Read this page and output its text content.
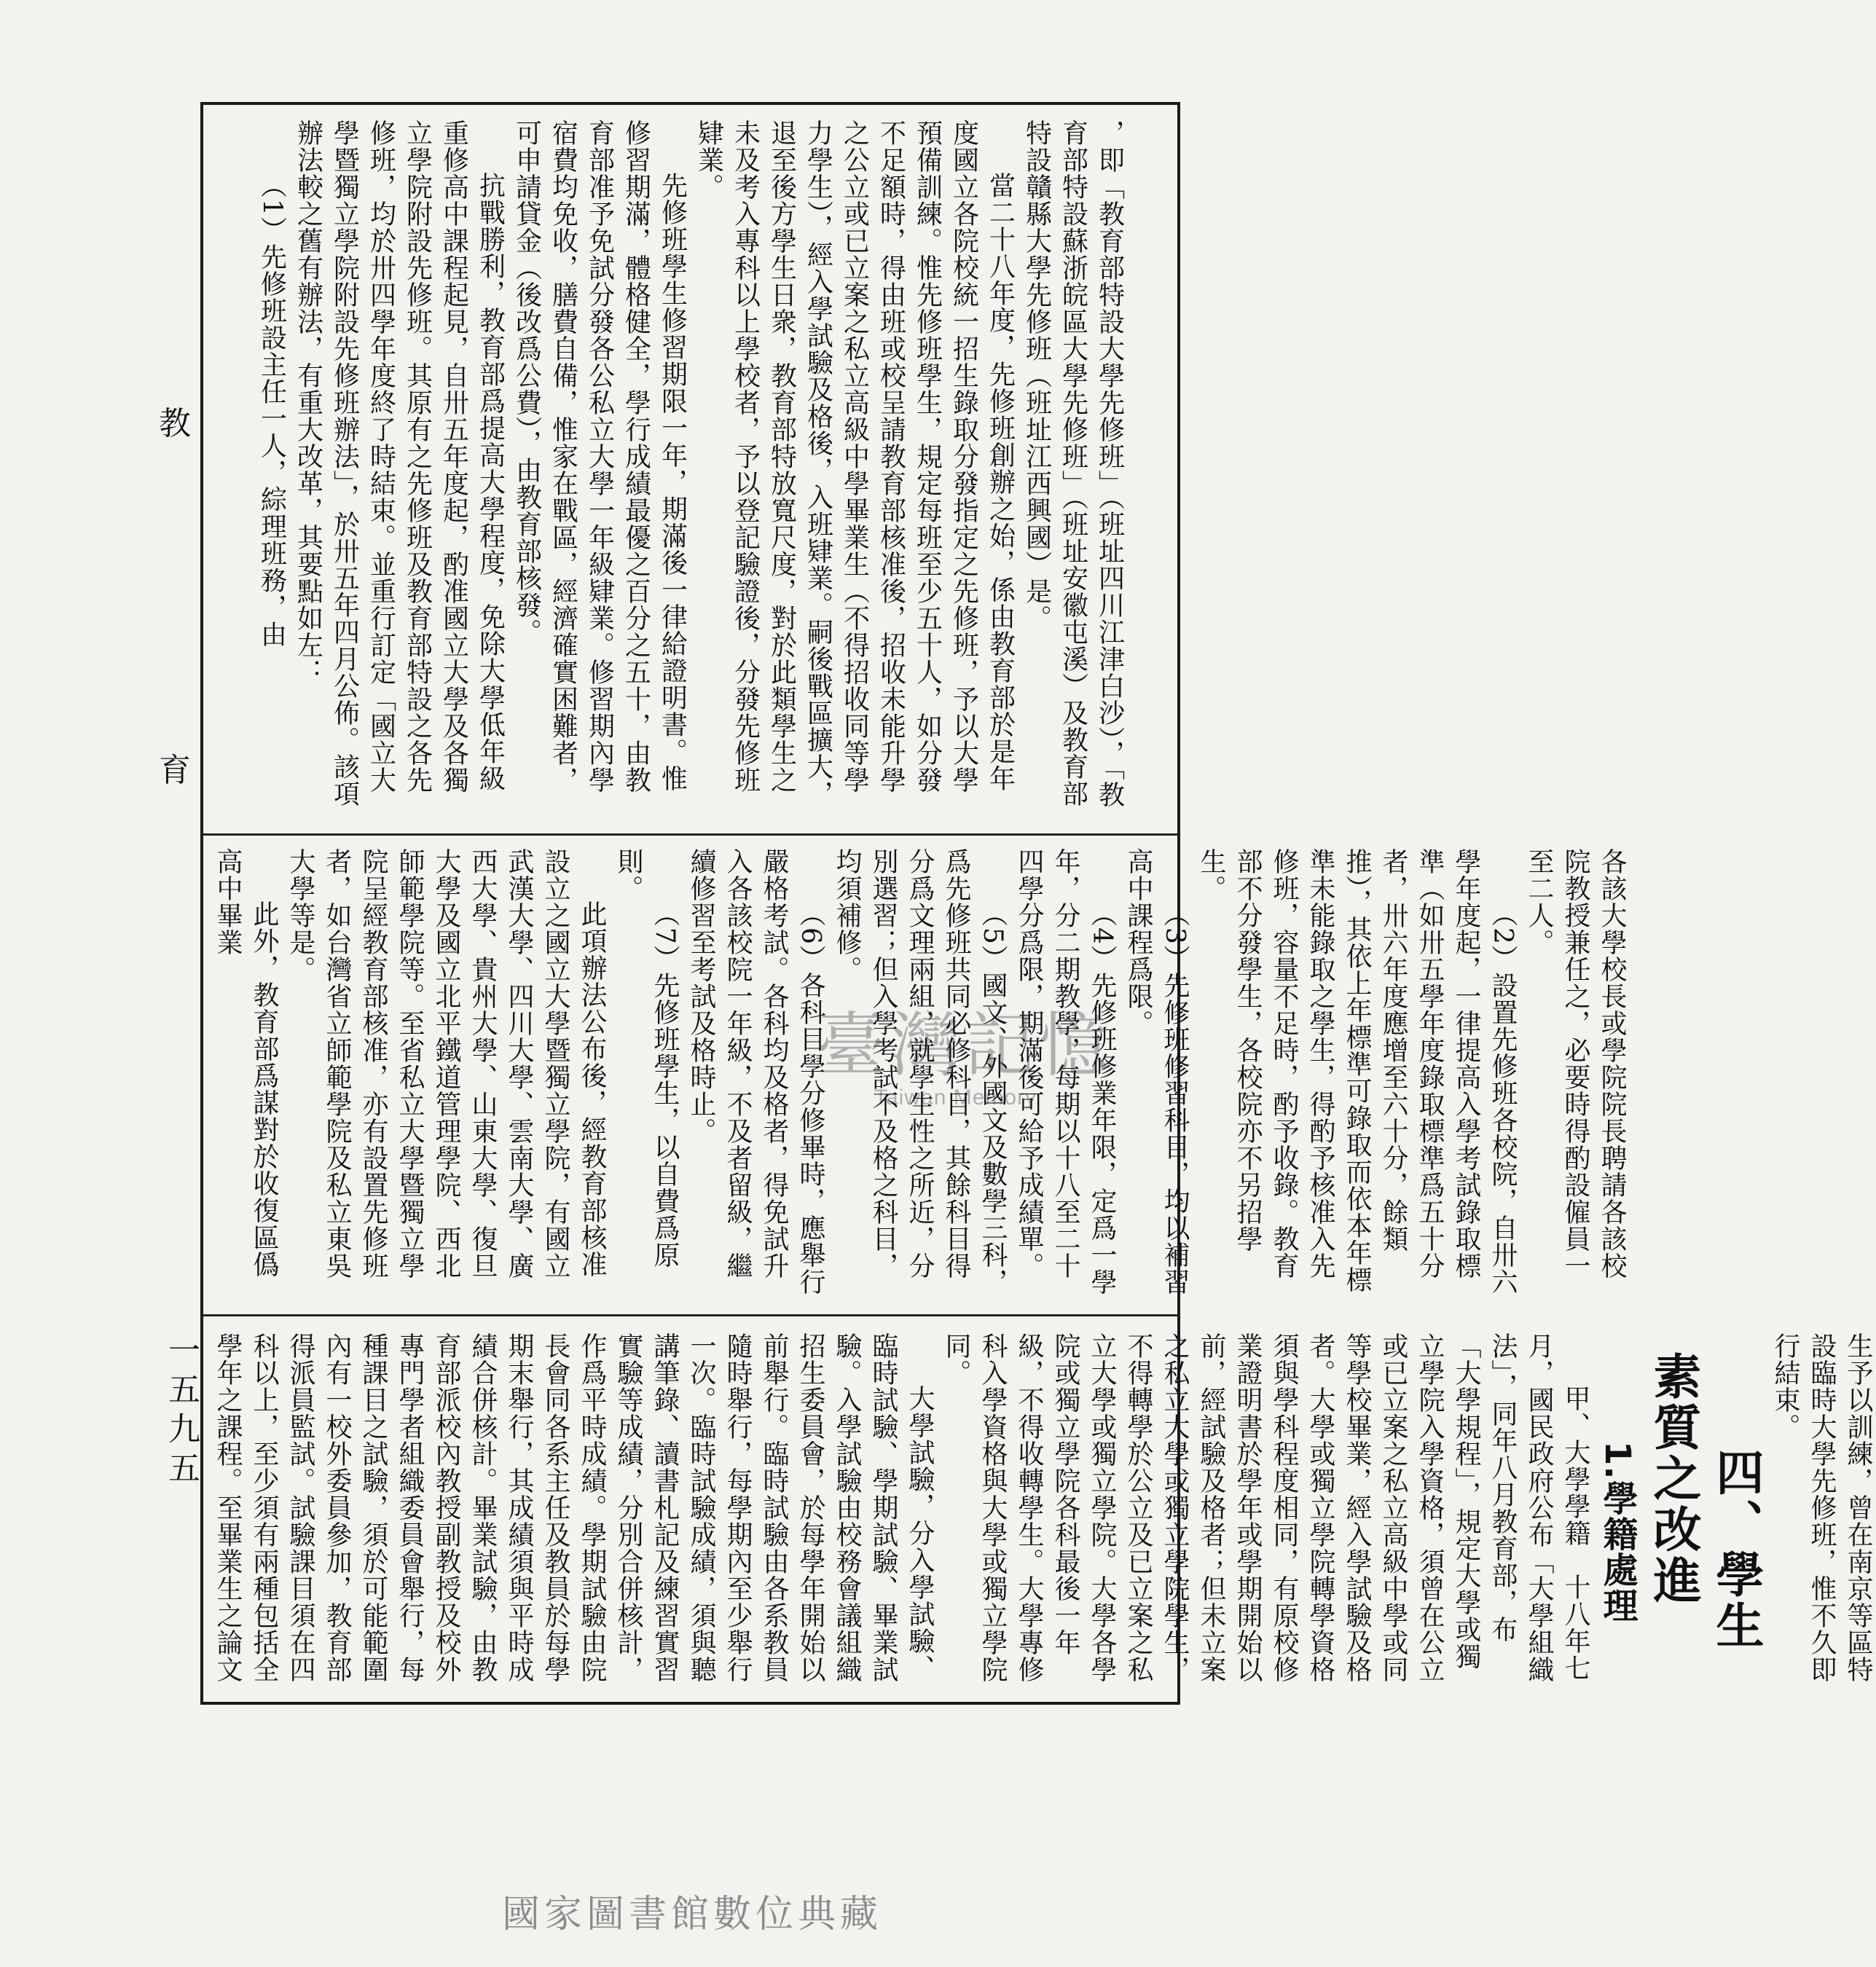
教
育
一五九五

，即「教育部特設大學先修班」（班址四川江津白沙），「教育部特設蘇浙皖區大學先修班」（班址安徽屯溪）及教育部特設贛縣大學先修班（班址江西興國）是。

當二十八年度，先修班創辦之始，係由教育部於是年度國立各院校統一招生錄取分發指定之先修班，予以大學預備訓練。惟先修班學生，規定每班至少五十人，如分發不足額時，得由班或校呈請教育部核准後，招收未能升學之公立或已立案之私立高級中學畢業生（不得招收同等學力學生），經入學試驗及格後，入班肄業。嗣後戰區擴大，退至後方學生日衆，教育部特放寬尺度，對於此類學生之未及考入專科以上學校者，予以登記驗證後，分發先修班肄業。

先修班學生修習期限一年，期滿後一律給證明書。惟修習期滿，體格健全，學行成績最優之百分之五十，由教育部准予免試分發各公私立大學一年級肄業。修習期內學宿費均免收，膳費自備，惟家在戰區，經濟確實困難者，可申請貸金（後改爲公費），由教育部核發。

抗戰勝利，教育部爲提高大學程度，免除大學低年級重修高中課程起見，自卅五年度起，酌准國立大學及各獨立學院附設先修班。其原有之先修班及教育部特設之各先修班，均於卅四學年度終了時結束。並重行訂定「國立大學暨獨立學院附設先修班辦法」，於卅五年四月公佈。該項辦法較之舊有辦法，有重大改革，其要點如左：

（1）先修班設主任一人，綜理班務，由

各該大學校長或學院院長聘請各該校院教授兼任之，必要時得酌設僱員一至二人。

（2）設置先修班各校院，自卅六學年度起，一律提高入學考試錄取標準（如卅五學年度錄取標準爲五十分者，卅六年度應增至六十分，餘類推），其依上年標準可錄取而依本年標準未能錄取之學生，得酌予核准入先修班，容量不足時，酌予收錄。教育部不分發學生，各校院亦不另招學生。

（3）先修班修習科目，均以補習高中課程爲限。

（4）先修班修業年限，定爲一學年，分二期教學，每期以十八至二十四學分爲限，期滿後可給予成績單。

（5）國文、外國文及數學三科，爲先修班共同必修科目，其餘科目得分爲文理兩組，就學生性之所近，分別選習；但入學考試不及格之科目，均須補修。

（6）各科目學分修畢時，應舉行嚴格考試。各科均及格者，得免試升入各該校院一年級，不及者留級，繼續修習至考試及格時止。

（7）先修班學生，以自費爲原則。

此項辦法公布後，經教育部核准設立之國立大學暨獨立學院，有國立武漢大學、四川大學、雲南大學、廣西大學、貴州大學、山東大學、復旦大學及國立北平鐵道管理學院、西北師範學院等。至省私立大學暨獨立學院呈經教育部核准，亦有設置先修班者，如台灣省立師範學院及私立東吳大學等是。

此外，教育部爲謀對於收復區僞高中畢業

生予以訓練，曾在南京等區特設臨時大學先修班，惟不久即行結束。

四、學生素質之改進

1.學籍處理

甲、大學學籍　十八年七月，國民政府公布「大學組織法」，同年八月教育部，布「大學規程」，規定大學或獨立學院入學資格，須曾在公立或已立案之私立高級中學或同等學校畢業，經入學試驗及格者。大學或獨立學院轉學資格須與學科程度相同，有原校修業證明書於學年或學期開始以前，經試驗及格者；但未立案之私立大學或獨立學院學生，不得轉學於公立及已立案之私立大學或獨立學院。大學各學院或獨立學院各科最後一年級，不得收轉學生。大學專修科入學資格與大學或獨立學院同。

大學試驗，分入學試驗、臨時試驗、學期試驗、畢業試驗。入學試驗由校務會議組織招生委員會，於每學年開始以前舉行。臨時試驗由各系教員隨時舉行，每學期內至少舉行一次。臨時試驗成績，須與聽講筆錄、讀書札記及練習實習實驗等成績，分別合併核計，作爲平時成績。學期試驗由院長會同各系主任及教員於每學期末舉行，其成績須與平時成績合併核計。畢業試驗，由教育部派校內教授副教授及校外專門學者組織委員會舉行，每種課目之試驗，須於可能範圍內有一校外委員參加，教育部得派員監試。試驗課目須在四科以上，至少須有兩種包括全學年之課程。至畢業生之論文

臺灣記憶
Taiwan Memory
國家圖書館數位典藏
